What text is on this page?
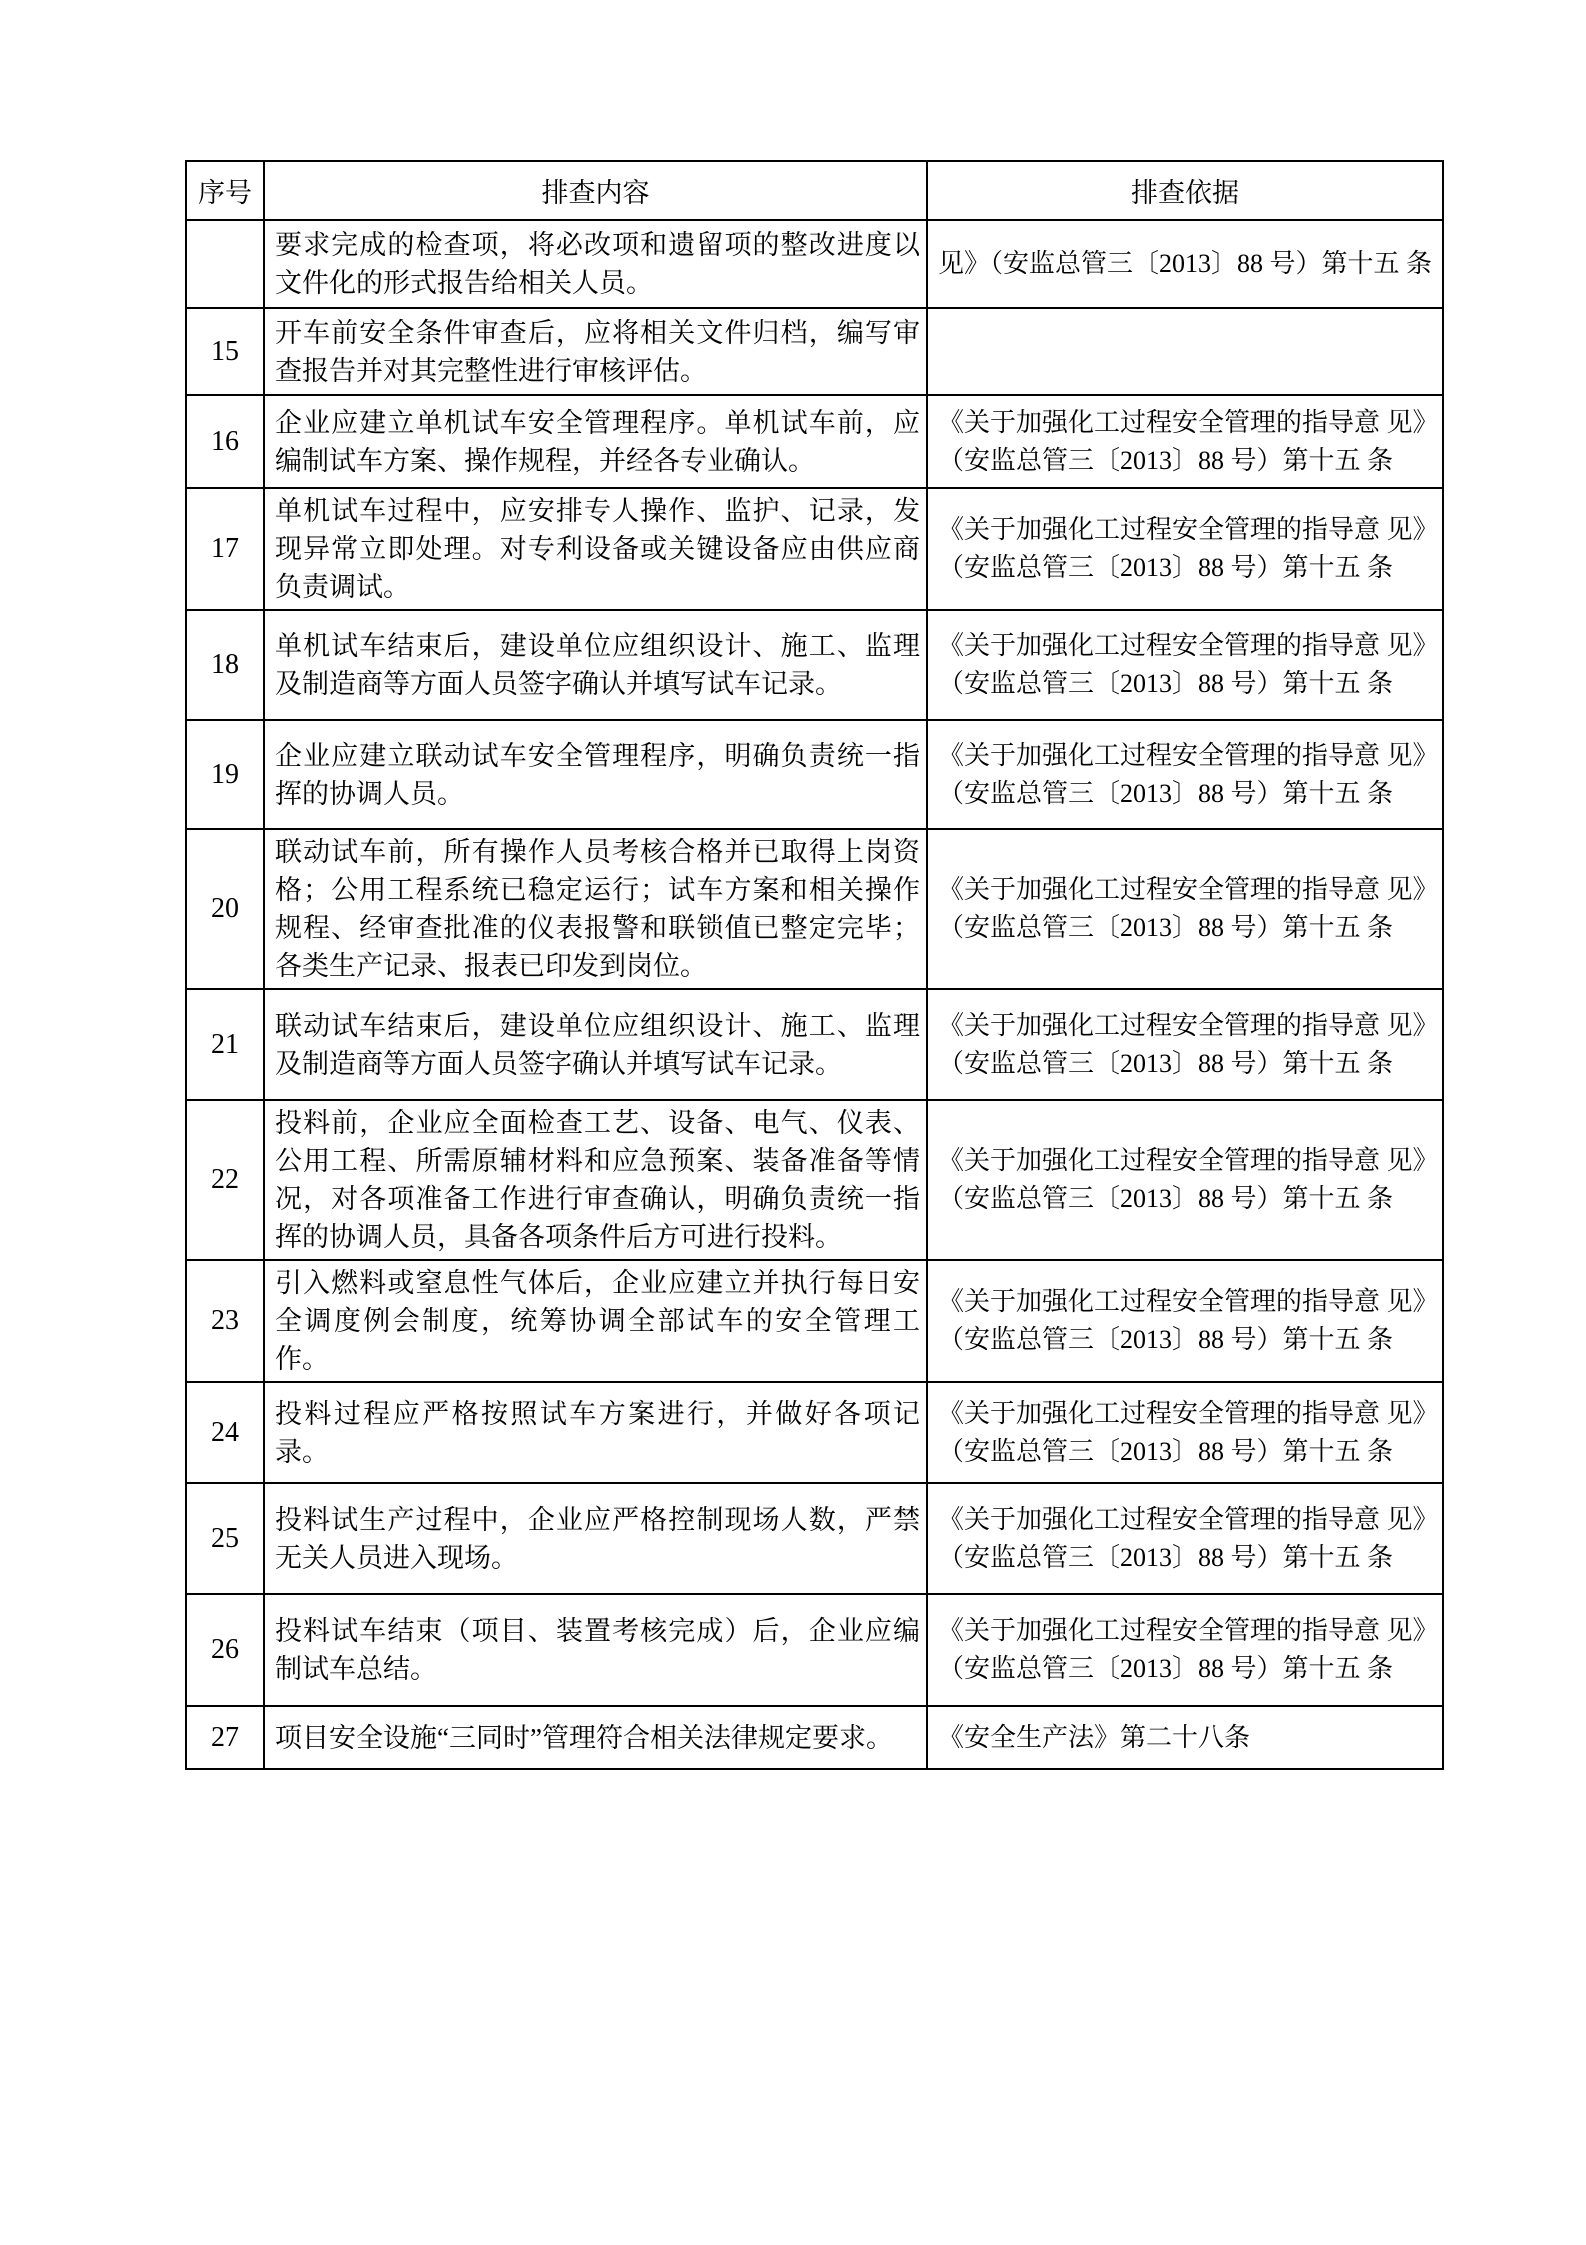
序号	排查内容	排查依据
	要求完成的检查项，将必改项和遗留项的整改进度以 文件化的形式报告给相关人员。	见》（安监总管三〔2013〕88 号）第十五 条
15	开车前安全条件审查后，应将相关文件归档，编写审 查报告并对其完整性进行审核评估。	
16	企业应建立单机试车安全管理程序。单机试车前，应 编制试车方案、操作规程，并经各专业确认。	《关于加强化工过程安全管理的指导意 见》（安监总管三〔2013〕88 号）第十五 条
17	单机试车过程中，应安排专人操作、监护、记录，发 现异常立即处理。对专利设备或关键设备应由供应商 负责调试。	《关于加强化工过程安全管理的指导意 见》（安监总管三〔2013〕88 号）第十五 条
18	单机试车结束后，建设单位应组织设计、施工、监理 及制造商等方面人员签字确认并填写试车记录。	《关于加强化工过程安全管理的指导意 见》（安监总管三〔2013〕88 号）第十五 条
19	企业应建立联动试车安全管理程序，明确负责统一指 挥的协调人员。	《关于加强化工过程安全管理的指导意 见》（安监总管三〔2013〕88 号）第十五 条
20	联动试车前，所有操作人员考核合格并已取得上岗资 格；公用工程系统已稳定运行；试车方案和相关操作 规程、经审查批准的仪表报警和联锁值已整定完毕； 各类生产记录、报表已印发到岗位。	《关于加强化工过程安全管理的指导意 见》（安监总管三〔2013〕88 号）第十五 条
21	联动试车结束后，建设单位应组织设计、施工、监理 及制造商等方面人员签字确认并填写试车记录。	《关于加强化工过程安全管理的指导意 见》（安监总管三〔2013〕88 号）第十五 条
22	投料前，企业应全面检查工艺、设备、电气、仪表、 公用工程、所需原辅材料和应急预案、装备准备等情 况，对各项准备工作进行审查确认，明确负责统一指 挥的协调人员，具备各项条件后方可进行投料。	《关于加强化工过程安全管理的指导意 见》（安监总管三〔2013〕88 号）第十五 条
23	引入燃料或窒息性气体后，企业应建立并执行每日安 全调度例会制度，统筹协调全部试车的安全管理工作。	《关于加强化工过程安全管理的指导意 见》（安监总管三〔2013〕88 号）第十五 条
24	投料过程应严格按照试车方案进行，并做好各项记录。	《关于加强化工过程安全管理的指导意 见》（安监总管三〔2013〕88 号）第十五 条
25	投料试生产过程中，企业应严格控制现场人数，严禁 无关人员进入现场。	《关于加强化工过程安全管理的指导意 见》（安监总管三〔2013〕88 号）第十五 条
26	投料试车结束（项目、装置考核完成）后，企业应编 制试车总结。	《关于加强化工过程安全管理的指导意 见》（安监总管三〔2013〕88 号）第十五 条
27	项目安全设施“三同时”管理符合相关法律规定要求。	《安全生产法》第二十八条
